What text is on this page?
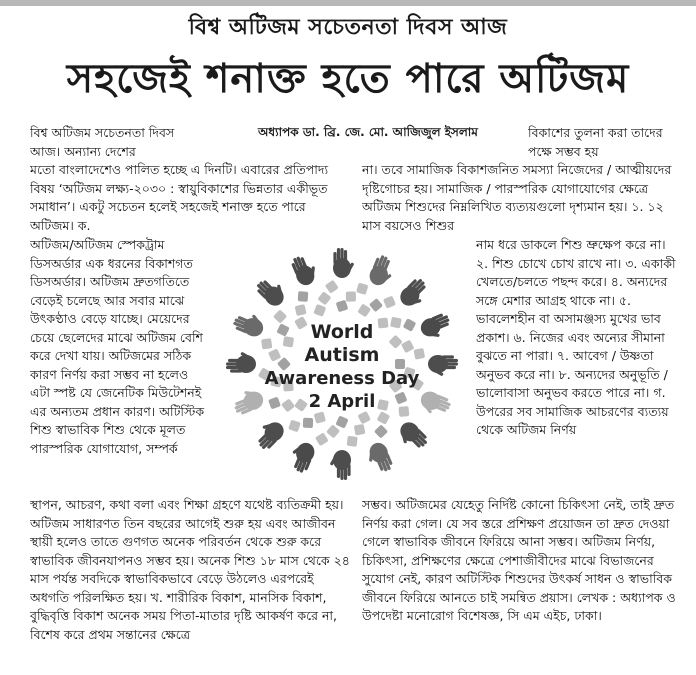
বিশ্ব অটিজম সচেতনতা দিবস আজ
সহজেই শনাক্ত হতে পারে অটিজম

বিশ্ব অটিজম সচেতনতা দিবস আজ। অন্যান্য দেশের

অধ্যাপক ডা. ব্রি. জে. মো. আজিজুল ইসলাম	বিকাশের তুলনা করা তাদের পক্ষে সম্ভব হয়

মতো বাংলাদেশেও পালিত হচ্ছে এ দিনটি। এবারের প্রতিপাদ্য বিষয় ‘অটিজম লক্ষ্য-২০৩০ : স্বায়ুবিকাশের ভিন্নতার একীভূত সমাধান’। একটু সচেতন হলেই সহজেই শনাক্ত হতে পারে অটিজম। ক.

না। তবে সামাজিক বিকাশজনিত সমস্যা নিজেদের / আত্মীয়দের দৃষ্টিগোচর হয়। সামাজিক / পারস্পরিক যোগাযোগের ক্ষেত্রে অটিজম শিশুদের নিম্নলিখিত ব্যত্যয়গুলো দৃশ্যমান হয়। ১. ১২ মাস বয়সেও শিশুর

অটিজম/অটিজম স্পেকট্রাম ডিসঅর্ডার এক ধরনের বিকাশগত ডিসঅর্ডার। অটিজম দ্রুতগতিতে বেড়েই চলেছে আর সবার মাঝে উৎকণ্ঠাও বেড়ে যাচ্ছে। মেয়েদের চেয়ে ছেলেদের মাঝে অটিজম বেশি করে দেখা যায়। অটিজমের সঠিক কারণ নির্ণয় করা সম্ভব না হলেও এটা স্পষ্ট যে জেনেটিক মিউটেশনই এর অন্যতম প্রধান কারণ। অটিস্টিক শিশু স্বাভাবিক শিশু থেকে মূলত পারস্পরিক যোগাযোগ, সম্পর্ক

World
Autism
Awareness Day
2 April

নাম ধরে ডাকলে শিশু ভ্রুক্ষেপ করে না। ২. শিশু চোখে চোখ রাখে না। ৩. একাকী খেলতে/চলতে পছন্দ করে। ৪. অন্যদের সঙ্গে মেশার আগ্রহ থাকে না। ৫. ভাবলেশহীন বা অসামঞ্জস্য মুখের ভাব প্রকাশ। ৬. নিজের এবং অন্যের সীমানা বুঝতে না পারা। ৭. আবেগ / উষ্ণতা অনুভব করে না। ৮. অন্যদের অনুভূতি / ভালোবাসা অনুভব করতে পারে না। গ. উপরের সব সামাজিক আচরণের ব্যত্যয় থেকে অটিজম নির্ণয়

স্থাপন, আচরণ, কথা বলা এবং শিক্ষা গ্রহণে যথেষ্ট ব্যতিক্রমী হয়। অটিজম সাধারণত তিন বছরের আগেই শুরু হয় এবং আজীবন স্থায়ী হলেও তাতে গুণগত অনেক পরিবর্তন থেকে শুরু করে স্বাভাবিক জীবনযাপনও সম্ভব হয়। অনেক শিশু ১৮ মাস থেকে ২৪ মাস পর্যন্ত সবদিকে স্বাভাবিকভাবে বেড়ে উঠলেও এরপরেই অধগতি পরিলক্ষিত হয়। খ. শারীরিক বিকাশ, মানসিক বিকাশ, বুদ্ধিবৃত্তি বিকাশ অনেক সময় পিতা-মাতার দৃষ্টি আকর্ষণ করে না, বিশেষ করে প্রথম সন্তানের ক্ষেত্রে

সম্ভব। অটিজমের যেহেতু নির্দিষ্ট কোনো চিকিৎসা নেই, তাই দ্রুত নির্ণয় করা গেল। যে সব স্তরে প্রশিক্ষণ প্রয়োজন তা দ্রুত দেওয়া গেলে স্বাভাবিক জীবনে ফিরিয়ে আনা সম্ভব। অটিজম নির্ণয়, চিকিৎসা, প্রশিক্ষণের ক্ষেত্রে পেশাজীবীদের মাঝে বিভাজনের সুযোগ নেই, কারণ অটিস্টিক শিশুদের উৎকর্ষ সাধন ও স্বাভাবিক জীবনে ফিরিয়ে আনতে চাই সমন্বিত প্রয়াস। লেখক : অধ্যাপক ও উপদেষ্টা মনোরোগ বিশেষজ্ঞ, সি এম এইচ, ঢাকা।
